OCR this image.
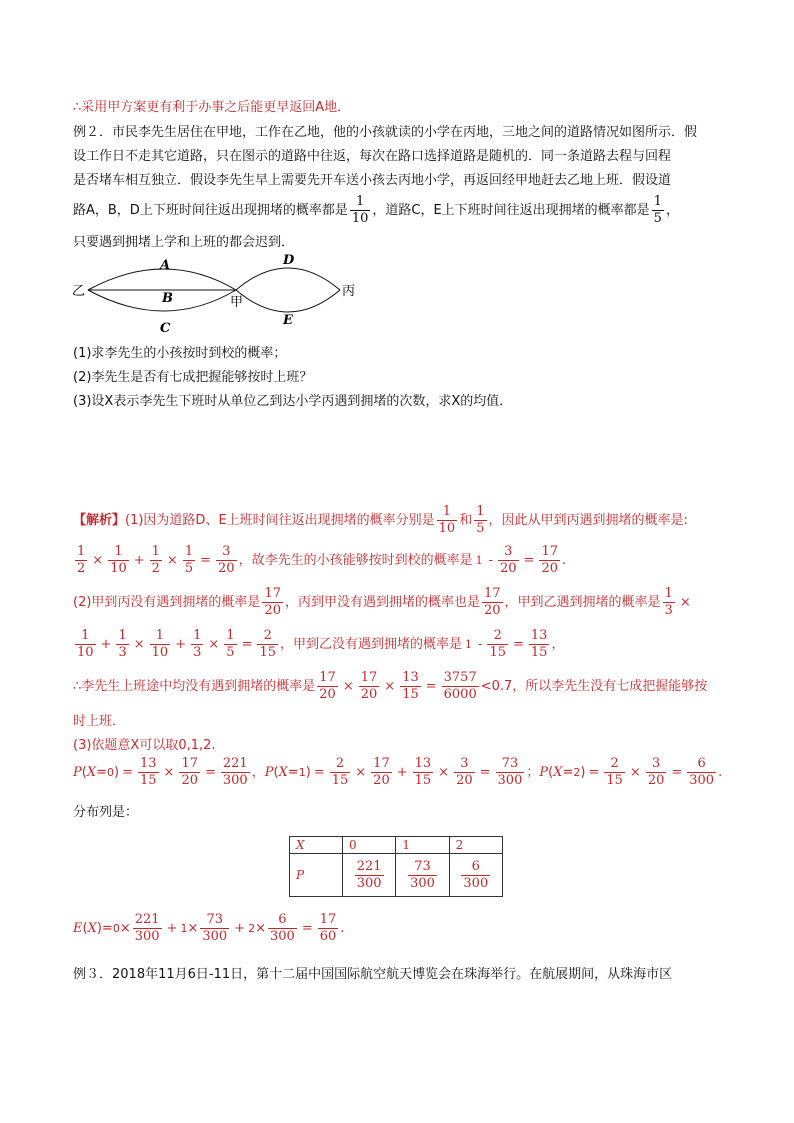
∴采用甲方案更有利于办事之后能更早返回A地．
例２．市民李先生居住在甲地，工作在乙地，他的小孩就读的小学在丙地，三地之间的道路情况如图所示．假
设工作日不走其它道路，只在图示的道路中往返，每次在路口选择道路是随机的．同一条道路去程与回程
是否堵车相互独立．假设李先生早上需要先开车送小孩去丙地小学，再返回经甲地赶去乙地上班．假设道
路A，B，D上下班时间往返出现拥堵的概率都是 $\frac{1}{10}$ ，道路C，E上下班时间往返出现拥堵的概率都是 $\frac{1}{5}$ ，
只要遇到拥堵上学和上班的都会迟到．
乙
甲
丙
A
B
C
D
E
(1)求李先生的小孩按时到校的概率；
(2)李先生是否有七成把握能够按时上班？
(3)设X表示李先生下班时从单位乙到达小学丙遇到拥堵的次数，求X的均值．
【解析】(1)因为道路D、E上班时间往返出现拥堵的概率分别是 $\frac{1}{10}$ 和 $\frac{1}{5}$ ，因此从甲到丙遇到拥堵的概率是:
$\frac{1}{2} \times \frac{1}{10} + \frac{1}{2} \times \frac{1}{5} = \frac{3}{20}$ ，故李先生的小孩能够按时到校的概率是 $1 - \frac{3}{20} = \frac{17}{20}$ .
(2)甲到丙没有遇到拥堵的概率是 $\frac{17}{20}$ ，丙到甲没有遇到拥堵的概率也是 $\frac{17}{20}$ ，甲到乙遇到拥堵的概率是 $\frac{1}{3}$ ×
$\frac{1}{10} + \frac{1}{3} \times \frac{1}{10} + \frac{1}{3} \times \frac{1}{5} = \frac{2}{15}$ ，甲到乙没有遇到拥堵的概率是 $1 - \frac{2}{15} = \frac{13}{15}$ ，
∴李先生上班途中均没有遇到拥堵的概率是 $\frac{17}{20} \times \frac{17}{20} \times \frac{13}{15} = \frac{3757}{6000} <0.7$，所以李先生没有七成把握能够按
时上班．
(3)依题意X可以取0,1,2.
$P(X=0) = \frac{13}{15} \times \frac{17}{20} = \frac{221}{300}$ ，$P(X=1) = \frac{2}{15} \times \frac{17}{20} + \frac{13}{15} \times \frac{3}{20} = \frac{73}{300}$ ；$P(X=2) = \frac{2}{15} \times \frac{3}{20} = \frac{6}{300}$ .
分布列是：
X	0	1	2
P	$\frac{221}{300}$	$\frac{73}{300}$	$\frac{6}{300}$
$E(X)=0\times \frac{221}{300} + 1\times \frac{73}{300} + 2\times \frac{6}{300} = \frac{17}{60}$ .
例３．2018年11月6日-11日，第十二届中国国际航空航天博览会在珠海举行。在航展期间，从珠海市区
